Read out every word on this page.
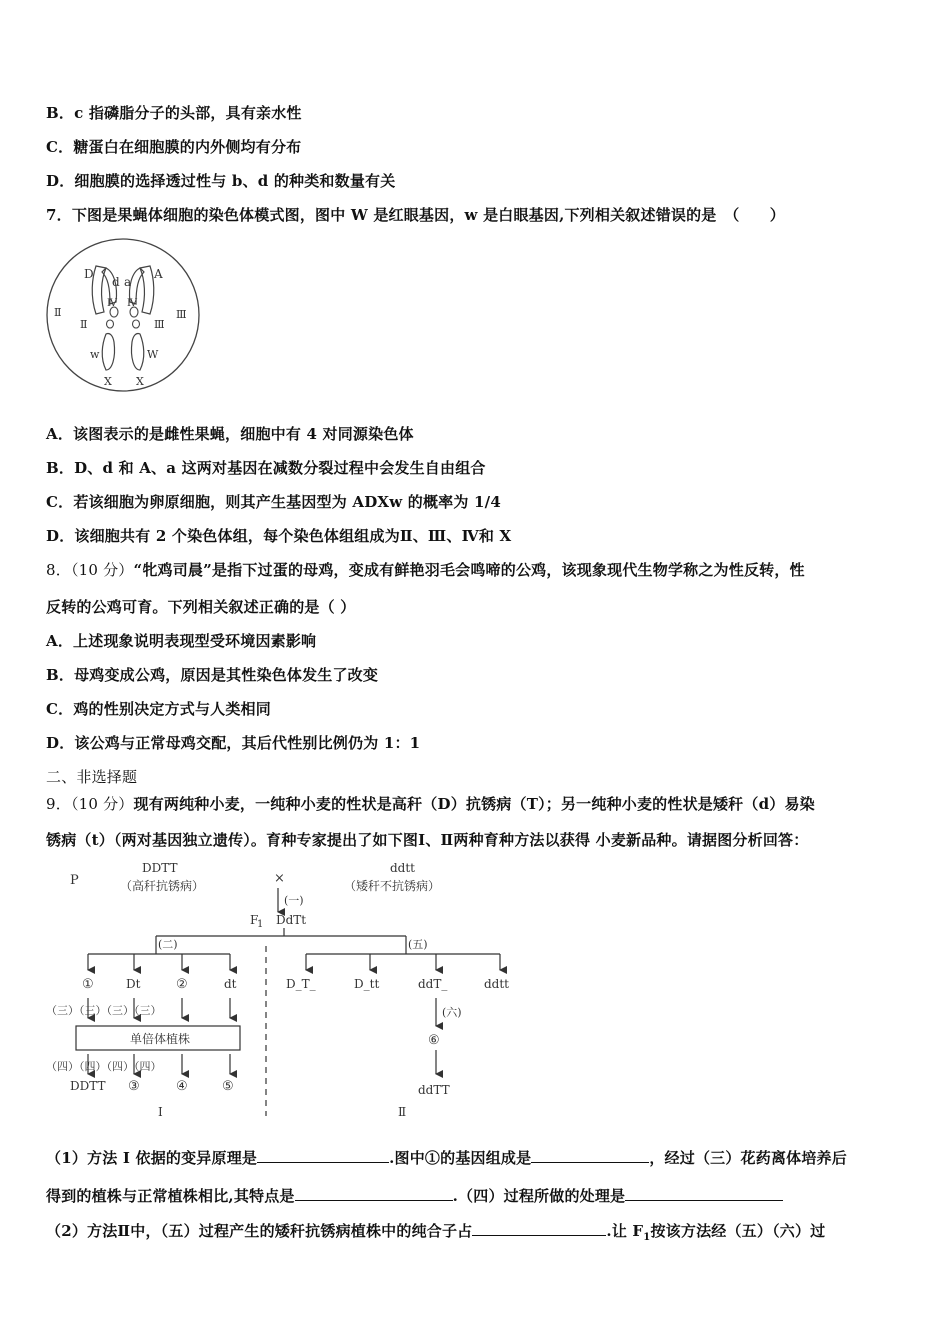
B．c 指磷脂分子的头部，具有亲水性
C．糖蛋白在细胞膜的内外侧均有分布
D．细胞膜的选择透过性与 b、d 的种类和数量有关
7．下图是果蝇体细胞的染色体模式图，图中 W 是红眼基因，w 是白眼基因,下列相关叙述错误的是　（　　）
D
d a
A
Ⅱ
Ⅱ
Ⅳ Ⅳ
Ⅲ
Ⅲ
w	W
X X
A．该图表示的是雌性果蝇，细胞中有 4 对同源染色体
B．D、d 和 A、a 这两对基因在减数分裂过程中会发生自由组合
C．若该细胞为卵原细胞，则其产生基因型为 ADXw 的概率为 1/4
D．该细胞共有 2 个染色体组，每个染色体组组成为Ⅱ、Ⅲ、Ⅳ和 X
8．（10 分）“牝鸡司晨”是指下过蛋的母鸡，变成有鲜艳羽毛会鸣啼的公鸡，该现象现代生物学称之为性反转，性
反转的公鸡可育。下列相关叙述正确的是（ ）
A．上述现象说明表现型受环境因素影响
B．母鸡变成公鸡，原因是其性染色体发生了改变
C．鸡的性别决定方式与人类相同
D．该公鸡与正常母鸡交配，其后代性别比例仍为 1：1
二、非选择题
9．（10 分）现有两纯种小麦，一纯种小麦的性状是高秆（D）抗锈病（T）；另一纯种小麦的性状是矮秆（d）易染
锈病（t）（两对基因独立遗传）。育种专家提出了如下图Ⅰ、Ⅱ两种育种方法以获得 小麦新品种。请据图分析回答：
P
DDTT
（高秆抗锈病）	×
ddtt
（矮秆不抗锈病）
(一)
F
1 DdTt
(二)	(五)
①	Dt	②	dt
（三）（三）（三）（三）
单倍体植株
（四）（四）（四）（四）
DDTT ③	④	⑤
Ⅰ
D_T_	D_tt	ddT_	ddtt
(六)
⑥
ddTT
Ⅱ
（1）方法 I 依据的变异原理是	.图中①的基因组成是	，经过（三）花药离体培养后
得到的植株与正常植株相比,其特点是	.（四）过程所做的处理是
（2）方法Ⅱ中，（五）过程产生的矮秆抗锈病植株中的纯合子占	.让 $F_1$按该方法经（五）（六）过
